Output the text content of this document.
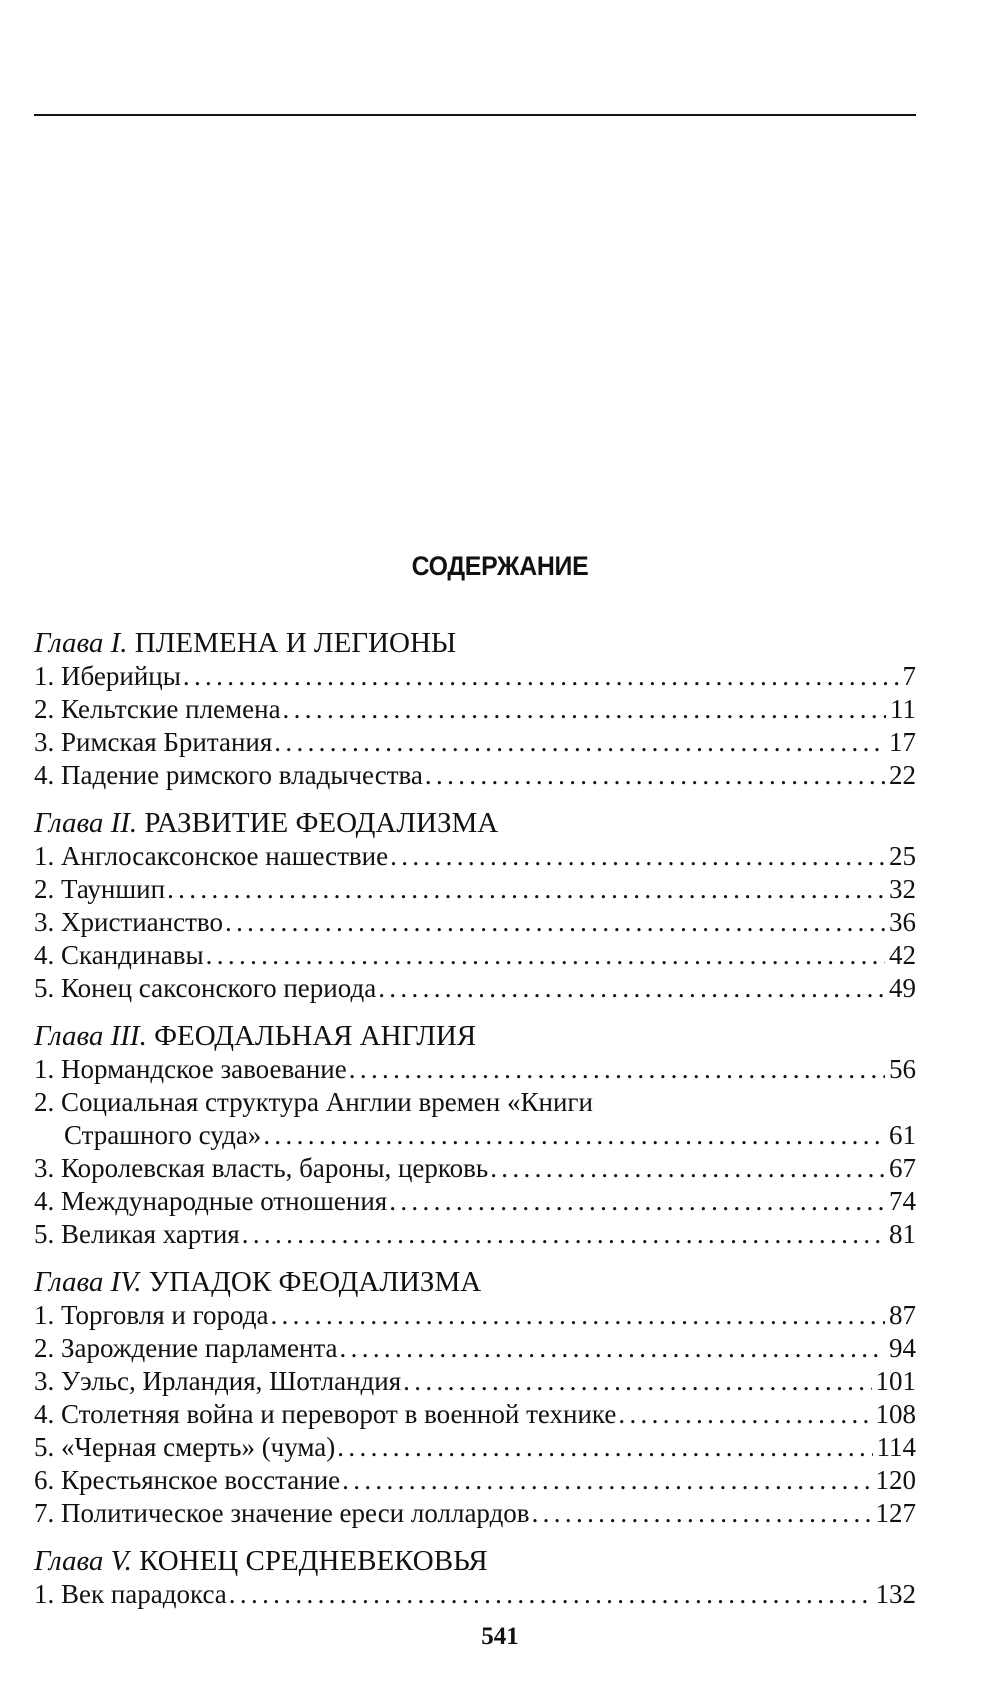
СОДЕРЖАНИЕ
Глава I. ПЛЕМЕНА И ЛЕГИОНЫ
1. Иберийцы . . .	7
2. Кельтские племена . . .	11
3. Римская Британия . . .	17
4. Падение римского владычества . . .	22
Глава II. РАЗВИТИЕ ФЕОДАЛИЗМА
1. Англосаксонское нашествие . . .	25
2. Тауншип . . .	32
3. Христианство . . .	36
4. Скандинавы . . .	42
5. Конец саксонского периода . . .	49
Глава III. ФЕОДАЛЬНАЯ АНГЛИЯ
1. Нормандское завоевание . . .	56
2. Социальная структура Англии времен «Книги
Страшного суда» . . .	61
3. Королевская власть, бароны, церковь . . .	67
4. Международные отношения . . .	74
5. Великая хартия . . .	81
Глава IV. УПАДОК ФЕОДАЛИЗМА
1. Торговля и города . . .	87
2. Зарождение парламента . . .	94
3. Уэльс, Ирландия, Шотландия . . .	101
4. Столетняя война и переворот в военной технике . . .	108
5. «Черная смерть» (чума) . . .	114
6. Крестьянское восстание . . .	120
7. Политическое значение ереси лоллардов . . .	127
Глава V. КОНЕЦ СРЕДНЕВЕКОВЬЯ
1. Век парадокса . . .	132
541
